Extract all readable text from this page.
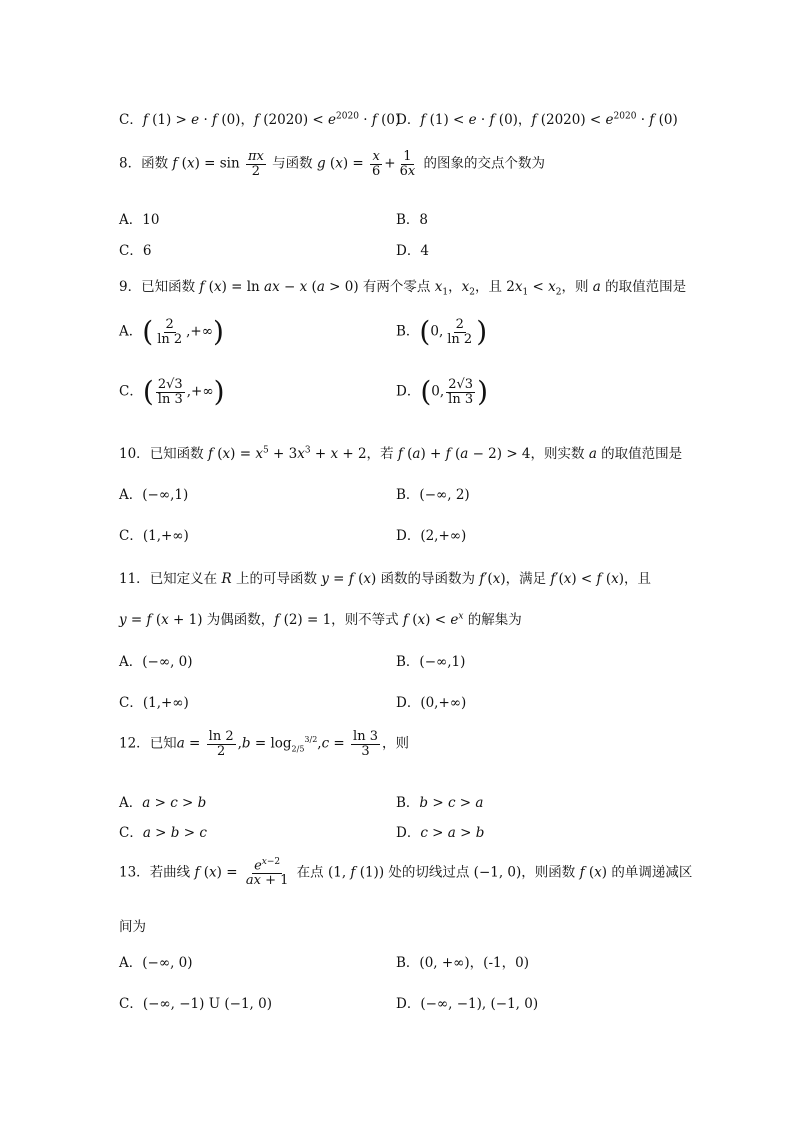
C．f (1) > e · f (0)，f $(2020) < e^{2020} \cdot f$ (0)
D．f (1) < e · f (0)，f $(2020) < e^{2020} \cdot f$ (0)
8．函数 f $(x) = \sin \frac{\pi x}{2}$ 与函数 g $(x) = \frac{x}{6} + \frac{1}{6x}$ 的图象的交点个数为
A．10	B．8
C．6	D．4
9．已知函数 f (x) = ln ax − x (a > 0) 有两个零点 $x_1$，$x_2$，且 $2x_1 < x_2$，则 a 的取值范围是
A．( $\frac{2}{\ln 2}$ ,+∞)	B．(0, $\frac{2}{\ln 2}$ )
C．( $\frac{2√3}{\ln 3}$ ,+∞)	D．(0, $\frac{2√3}{\ln 3}$ )
10．已知函数 f $(x) = x^5 + 3x^3 + x + 2$，若 f (a) + f (a − 2) > 4，则实数 a 的取值范围是
A．(−∞,1)	B．(−∞, 2)
C．(1,+∞)	D．(2,+∞)
11．已知定义在 R 上的可导函数 y = f (x) 函数的导函数为 f′(x)，满足 f′(x) < f (x)，且
y = f (x + 1) 为偶函数，f (2) = 1，则不等式 f $(x) < e^x$ 的解集为
A．(−∞, 0)	B．(−∞,1)
C．(1,+∞)	D．(0,+∞)
12．已知$a = \frac{\ln 2}{2} ,b = \log_{2/5}^{3/2},c = \frac{\ln 3}{3}$ ，则
A．a > c > b	B．b > c > a
C．a > b > c	D．c > a > b
13．若曲线 f $(x) = \frac{e^{x-2}}{ax + 1}$ 在点 (1, f (1)) 处的切线过点 (−1, 0)，则函数 f (x) 的单调递减区
间为
A．(−∞, 0)	B．(0, +∞)，(-1，0)
C．(−∞, −1) U (−1, 0)	D．(−∞, −1), (−1, 0)
